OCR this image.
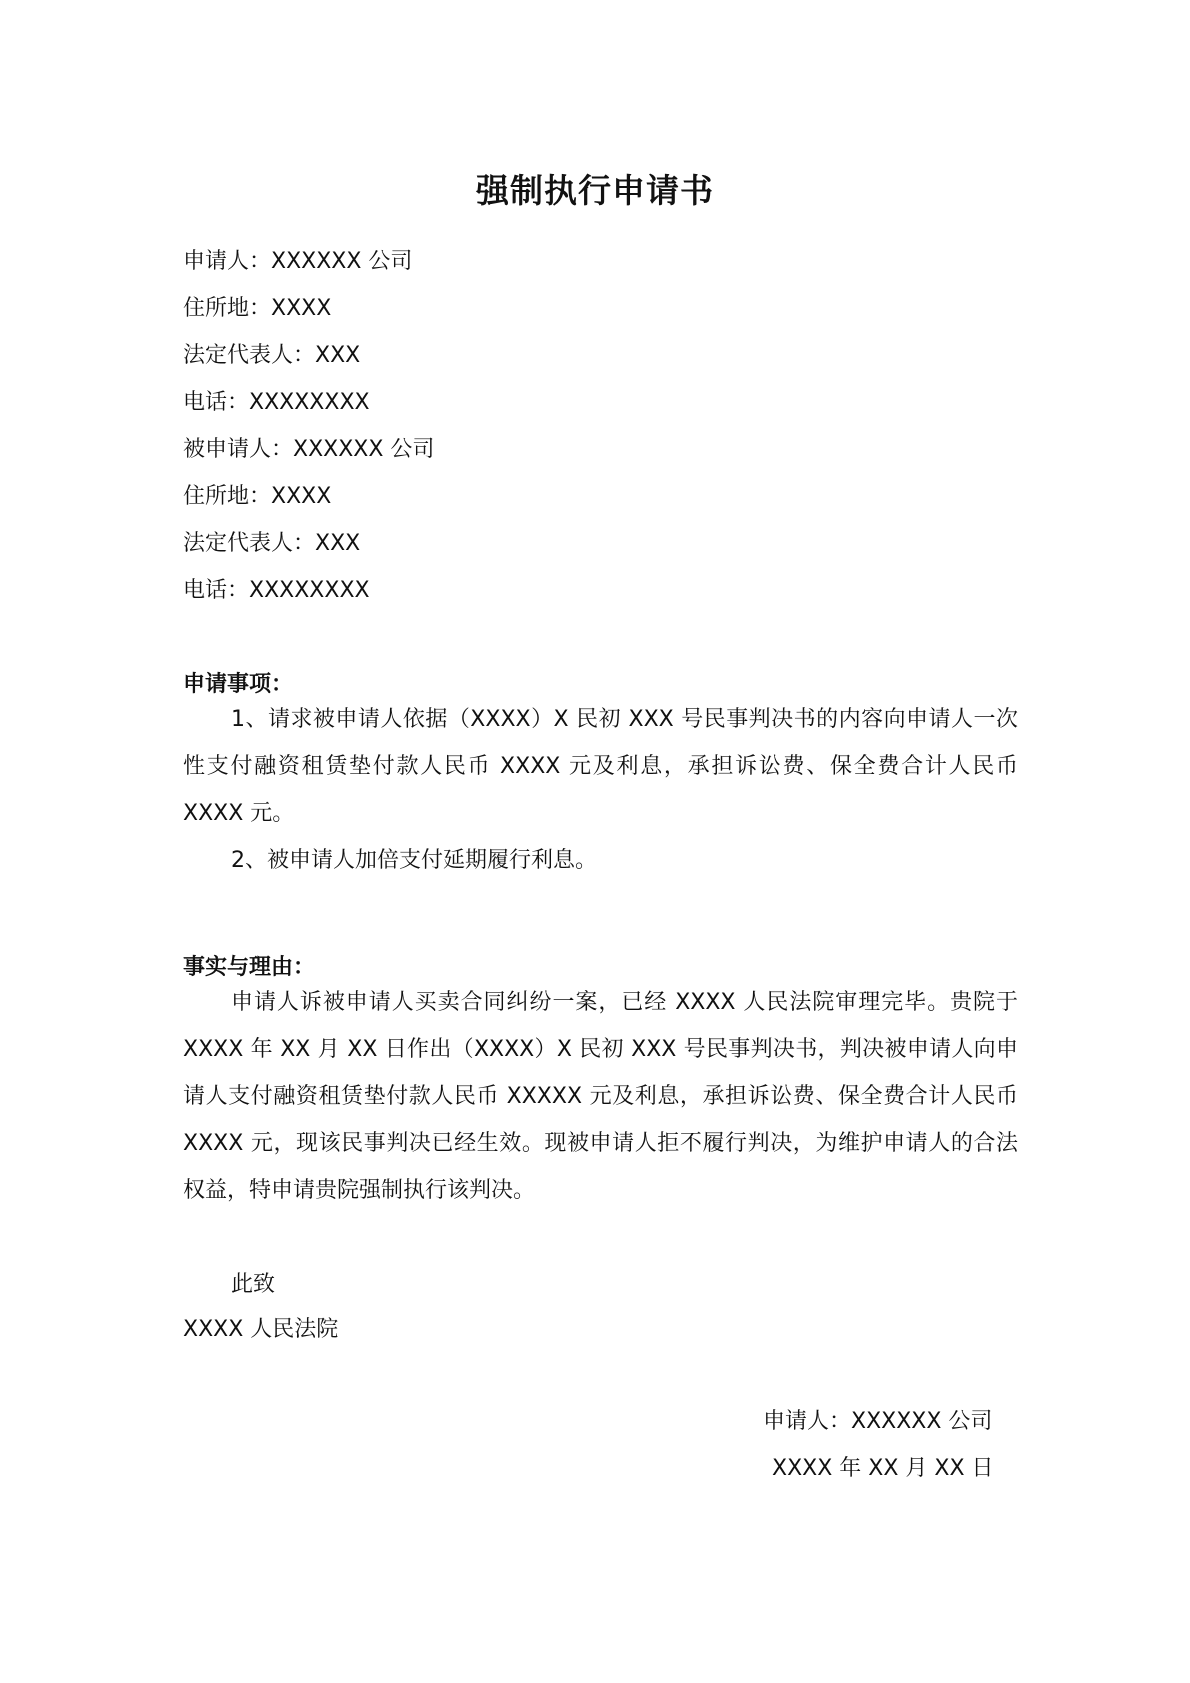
强制执行申请书
申请人：XXXXXX 公司
住所地：XXXX
法定代表人：XXX
电话：XXXXXXXX
被申请人：XXXXXX 公司
住所地：XXXX
法定代表人：XXX
电话：XXXXXXXX
申请事项：

1、请求被申请人依据（XXXX）X 民初 XXX 号民事判决书的内容向申请人一次性支付融资租赁垫付款人民币 XXXX 元及利息，承担诉讼费、保全费合计人民币 XXXX 元。

2、被申请人加倍支付延期履行利息。

事实与理由：

申请人诉被申请人买卖合同纠纷一案，已经 XXXX 人民法院审理完毕。贵院于 XXXX 年 XX 月 XX 日作出（XXXX）X 民初 XXX 号民事判决书，判决被申请人向申请人支付融资租赁垫付款人民币 XXXXX 元及利息，承担诉讼费、保全费合计人民币 XXXX 元，现该民事判决已经生效。现被申请人拒不履行判决，为维护申请人的合法权益，特申请贵院强制执行该判决。

此致
XXXX 人民法院
申请人：XXXXXX 公司
XXXX 年 XX 月 XX 日
